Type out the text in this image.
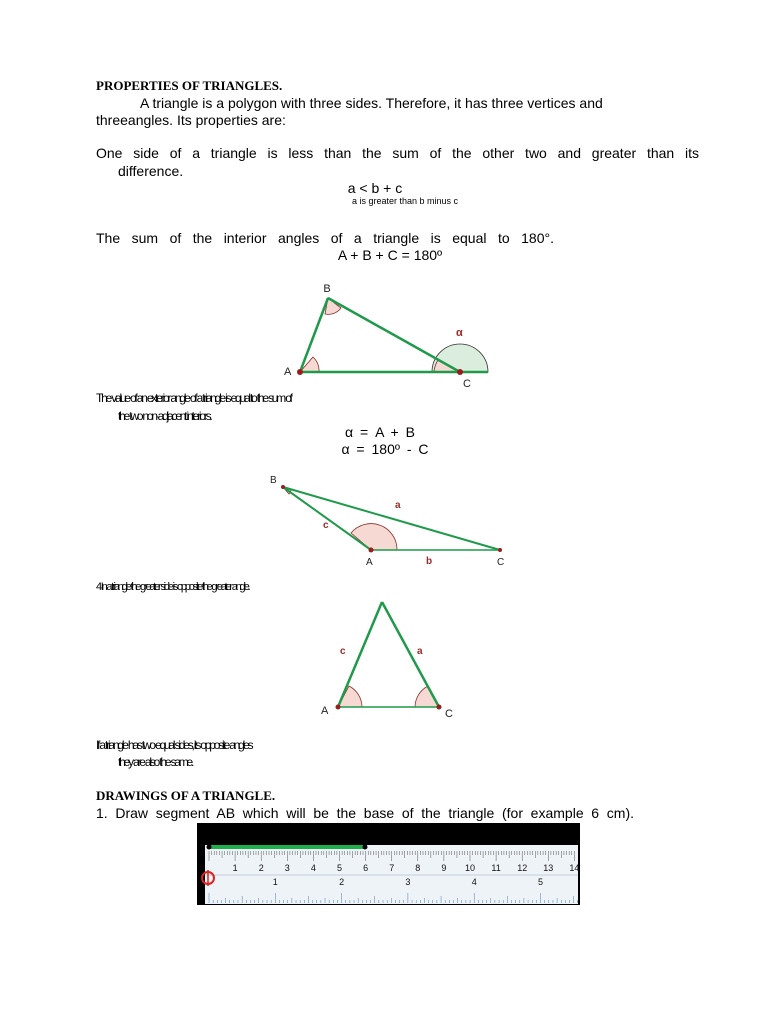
PROPERTIES OF TRIANGLES.
A triangle is a polygon with three sides. Therefore, it has three vertices and
threeangles. Its properties are:
One side of a triangle is less than the sum of the other two and greater than its
difference.
a < b + c
a is greater than b minus c
The sum of the interior angles of a triangle is equal to 180°.
A + B + C = 180º
B
A
C
α
The value of an exterior angle of a triangle is equal to the sum of
the two non-adjacent interiors.
α = A + B
α = 180º - C
B
A	C
a
b
c
4 In a triangle the greater side is opposite the greater angle.
A	C
c	a
If a triangle has two equal sides, its opposite angles
they are also the same.
DRAWINGS OF A TRIANGLE.
1. Draw segment AB which will be the base of the triangle (for example 6 cm).
1 2 3 4 5 6 7 8 9 10 11 12 13 14
1	2	3	4	5
